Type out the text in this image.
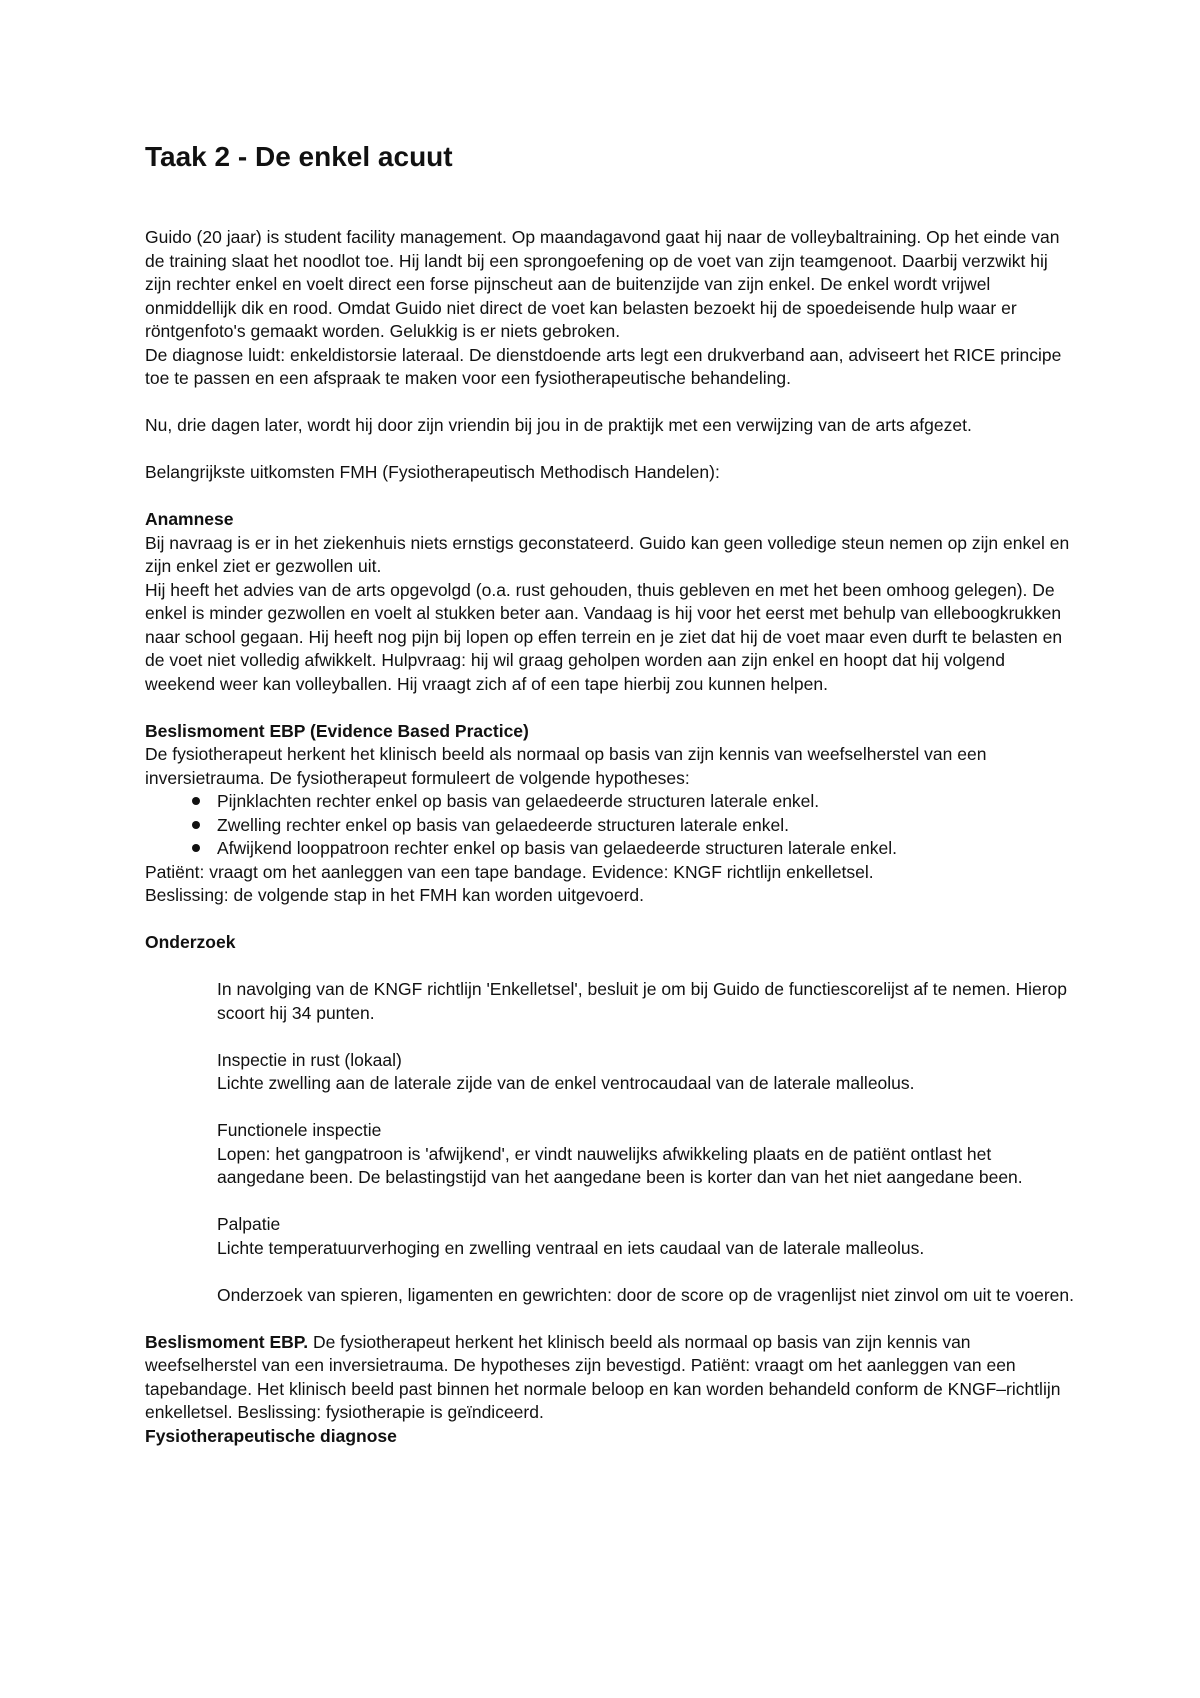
Taak 2 - De enkel acuut

Guido (20 jaar) is student facility management. Op maandagavond gaat hij naar de volleybaltraining. Op het einde van de training slaat het noodlot toe. Hij landt bij een sprongoefening op de voet van zijn teamgenoot. Daarbij verzwikt hij zijn rechter enkel en voelt direct een forse pijnscheut aan de buitenzijde van zijn enkel. De enkel wordt vrijwel onmiddellijk dik en rood. Omdat Guido niet direct de voet kan belasten bezoekt hij de spoedeisende hulp waar er röntgenfoto's gemaakt worden. Gelukkig is er niets gebroken.

De diagnose luidt: enkeldistorsie lateraal. De dienstdoende arts legt een drukverband aan, adviseert het RICE principe toe te passen en een afspraak te maken voor een fysiotherapeutische behandeling.

Nu, drie dagen later, wordt hij door zijn vriendin bij jou in de praktijk met een verwijzing van de arts afgezet.

Belangrijkste uitkomsten FMH (Fysiotherapeutisch Methodisch Handelen):

Anamnese

Bij navraag is er in het ziekenhuis niets ernstigs geconstateerd. Guido kan geen volledige steun nemen op zijn enkel en zijn enkel ziet er gezwollen uit.

Hij heeft het advies van de arts opgevolgd (o.a. rust gehouden, thuis gebleven en met het been omhoog gelegen). De enkel is minder gezwollen en voelt al stukken beter aan. Vandaag is hij voor het eerst met behulp van elleboogkrukken naar school gegaan. Hij heeft nog pijn bij lopen op effen terrein en je ziet dat hij de voet maar even durft te belasten en de voet niet volledig afwikkelt. Hulpvraag: hij wil graag geholpen worden aan zijn enkel en hoopt dat hij volgend weekend weer kan volleyballen. Hij vraagt zich af of een tape hierbij zou kunnen helpen.

Beslismoment EBP (Evidence Based Practice)

De fysiotherapeut herkent het klinisch beeld als normaal op basis van zijn kennis van weefselherstel van een inversietrauma. De fysiotherapeut formuleert de volgende hypotheses:

Pijnklachten rechter enkel op basis van gelaedeerde structuren laterale enkel.
Zwelling rechter enkel op basis van gelaedeerde structuren laterale enkel.
Afwijkend looppatroon rechter enkel op basis van gelaedeerde structuren laterale enkel.

Patiënt: vraagt om het aanleggen van een tape bandage. Evidence: KNGF richtlijn enkelletsel.

Beslissing: de volgende stap in het FMH kan worden uitgevoerd.

Onderzoek

In navolging van de KNGF richtlijn 'Enkelletsel', besluit je om bij Guido de functiescorelijst af te nemen. Hierop scoort hij 34 punten.

Inspectie in rust (lokaal)

Lichte zwelling aan de laterale zijde van de enkel ventrocaudaal van de laterale malleolus.

Functionele inspectie

Lopen: het gangpatroon is 'afwijkend', er vindt nauwelijks afwikkeling plaats en de patiënt ontlast het aangedane been. De belastingstijd van het aangedane been is korter dan van het niet aangedane been.

Palpatie

Lichte temperatuurverhoging en zwelling ventraal en iets caudaal van de laterale malleolus.

Onderzoek van spieren, ligamenten en gewrichten: door de score op de vragenlijst niet zinvol om uit te voeren.

Beslismoment EBP. De fysiotherapeut herkent het klinisch beeld als normaal op basis van zijn kennis van weefselherstel van een inversietrauma. De hypotheses zijn bevestigd. Patiënt: vraagt om het aanleggen van een tapebandage. Het klinisch beeld past binnen het normale beloop en kan worden behandeld conform de KNGF–richtlijn enkelletsel. Beslissing: fysiotherapie is geïndiceerd.

Fysiotherapeutische diagnose
